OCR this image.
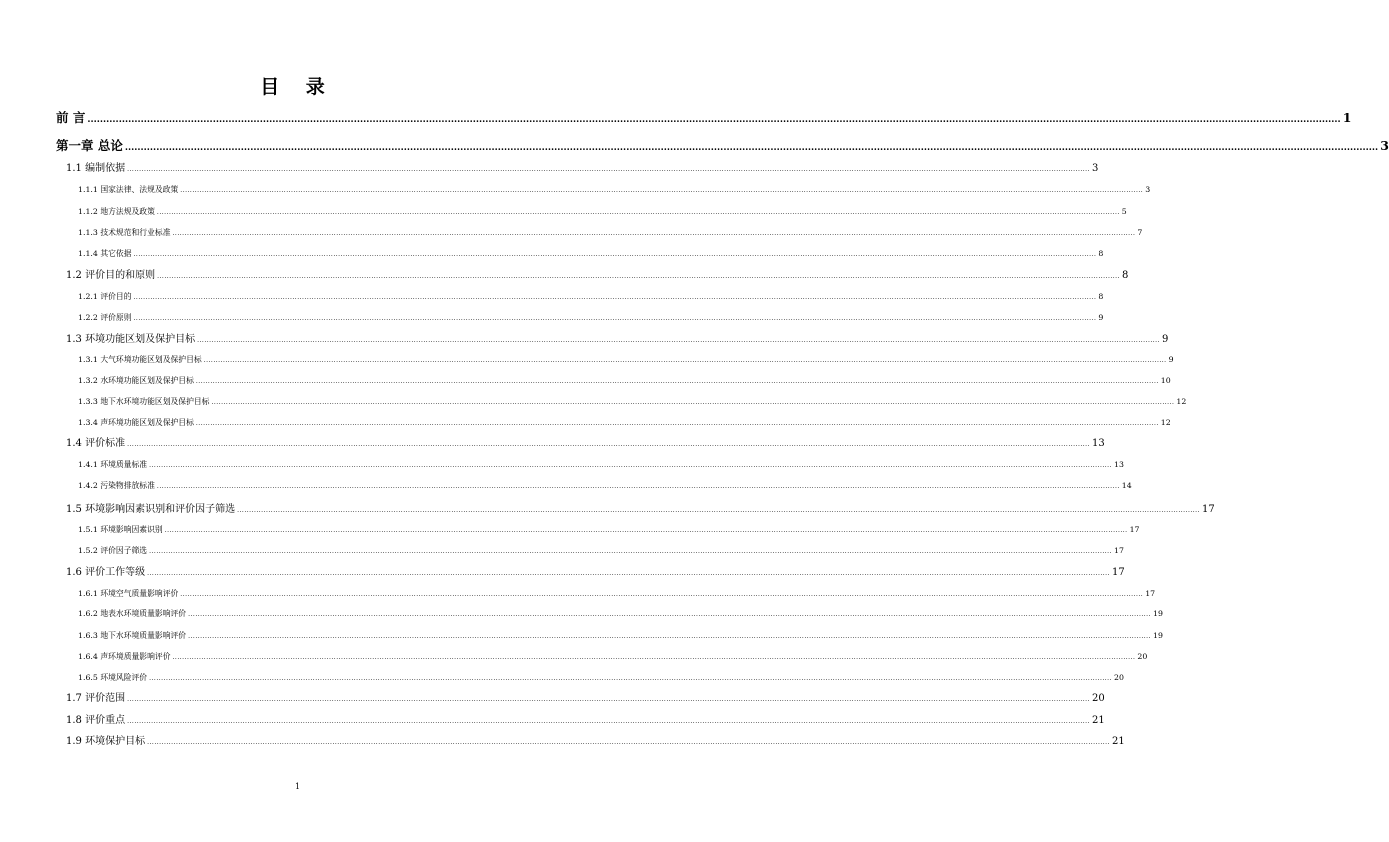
目 录
前 言 ................................................................................................................................................................................................................................................................................................................................................................................................................ 1
第一章 总论 ................................................................................................................................................................................................................................................................................................................................................................................................................ 3
1.1 编制依据 ................................................................................................................................................................................................................................................................................................................................................................................................................ 3
1.1.1 国家法律、法规及政策 ................................................................................................................................................................................................................................................................................................................................................................................................................ 3
1.1.2 地方法规及政策 ................................................................................................................................................................................................................................................................................................................................................................................................................ 5
1.1.3 技术规范和行业标准 ................................................................................................................................................................................................................................................................................................................................................................................................................ 7
1.1.4 其它依据 ................................................................................................................................................................................................................................................................................................................................................................................................................ 8
1.2 评价目的和原则 ................................................................................................................................................................................................................................................................................................................................................................................................................ 8
1.2.1 评价目的 ................................................................................................................................................................................................................................................................................................................................................................................................................ 8
1.2.2 评价原则 ................................................................................................................................................................................................................................................................................................................................................................................................................ 9
1.3 环境功能区划及保护目标 ................................................................................................................................................................................................................................................................................................................................................................................................................ 9
1.3.1 大气环境功能区划及保护目标 ................................................................................................................................................................................................................................................................................................................................................................................................................ 9
1.3.2 水环境功能区划及保护目标 ................................................................................................................................................................................................................................................................................................................................................................................................................ 10
1.3.3 地下水环境功能区划及保护目标 ................................................................................................................................................................................................................................................................................................................................................................................................................ 12
1.3.4 声环境功能区划及保护目标 ................................................................................................................................................................................................................................................................................................................................................................................................................ 12
1.4 评价标准 ................................................................................................................................................................................................................................................................................................................................................................................................................ 13
1.4.1 环境质量标准 ................................................................................................................................................................................................................................................................................................................................................................................................................ 13
1.4.2 污染物排放标准 ................................................................................................................................................................................................................................................................................................................................................................................................................ 14
1.5 环境影响因素识别和评价因子筛选 ................................................................................................................................................................................................................................................................................................................................................................................................................ 17
1.5.1 环境影响因素识别 ................................................................................................................................................................................................................................................................................................................................................................................................................ 17
1.5.2 评价因子筛选 ................................................................................................................................................................................................................................................................................................................................................................................................................ 17
1.6 评价工作等级 ................................................................................................................................................................................................................................................................................................................................................................................................................ 17
1.6.1 环境空气质量影响评价 ................................................................................................................................................................................................................................................................................................................................................................................................................ 17
1.6.2 地表水环境质量影响评价 ................................................................................................................................................................................................................................................................................................................................................................................................................ 19
1.6.3 地下水环境质量影响评价 ................................................................................................................................................................................................................................................................................................................................................................................................................ 19
1.6.4 声环境质量影响评价 ................................................................................................................................................................................................................................................................................................................................................................................................................ 20
1.6.5 环境风险评价 ................................................................................................................................................................................................................................................................................................................................................................................................................ 20
1.7 评价范围 ................................................................................................................................................................................................................................................................................................................................................................................................................ 20
1.8 评价重点 ................................................................................................................................................................................................................................................................................................................................................................................................................ 21
1.9 环境保护目标 ................................................................................................................................................................................................................................................................................................................................................................................................................ 21
1
